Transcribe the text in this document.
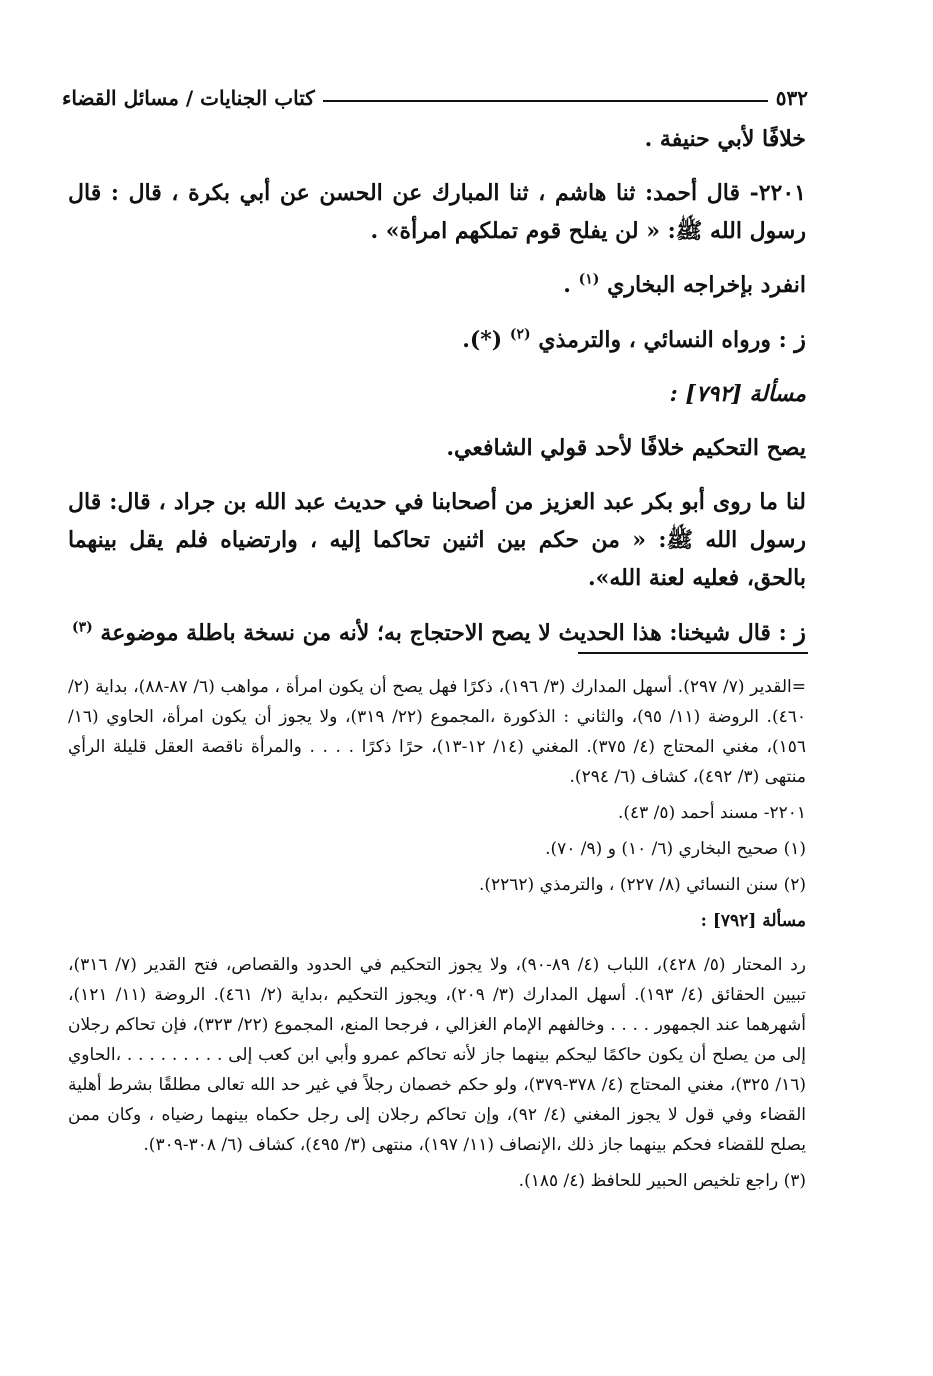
٥٣٢
كتاب الجنايات / مسائل القضاء

خلافًا لأبي حنيفة .

٢٢٠١- قال أحمد: ثنا هاشم ، ثنا المبارك عن الحسن عن أبي بكرة ، قال : قال رسول الله ﷺ: « لن يفلح قوم تملكهم امرأة» .

انفرد بإخراجه البخاري $^{(١)}$ .

ز : ورواه النسائي ، والترمذي $^{(٢)}$ (*).

مسألة [٧٩٢] :

يصح التحكيم خلافًا لأحد قولي الشافعي.

لنا ما روى أبو بكر عبد العزيز من أصحابنا في حديث عبد الله بن جراد ، قال: قال رسول الله ﷺ: « من حكم بين اثنين تحاكما إليه ، وارتضياه فلم يقل بينهما بالحق، فعليه لعنة الله».

ز : قال شيخنا: هذا الحديث لا يصح الاحتجاج به؛ لأنه من نسخة باطلة موضوعة $^{(٣)}$

=القدير (٧/ ٢٩٧). أسهل المدارك (٣/ ١٩٦)، ذكرًا فهل يصح أن يكون امرأة ، مواهب (٦/ ٨٧-٨٨)، بداية (٢/ ٤٦٠). الروضة (١١/ ٩٥)، والثاني : الذكورة ،المجموع (٢٢/ ٣١٩)، ولا يجوز أن يكون امرأة، الحاوي (١٦/ ١٥٦)، مغني المحتاج (٤/ ٣٧٥). المغني (١٤/ ١٢-١٣)، حرًا ذكرًا . . . . والمرأة ناقصة العقل قليلة الرأي منتهى (٣/ ٤٩٢)، كشاف (٦/ ٢٩٤).

٢٢٠١- مسند أحمد (٥/ ٤٣).

(١) صحيح البخاري (٦/ ١٠) و (٩/ ٧٠).

(٢) سنن النسائي (٨/ ٢٢٧) ، والترمذي (٢٢٦٢).

مسألة [٧٩٢] :

رد المحتار (٥/ ٤٢٨)، اللباب (٤/ ٨٩-٩٠)، ولا يجوز التحكيم في الحدود والقصاص، فتح القدير (٧/ ٣١٦)، تبيين الحقائق (٤/ ١٩٣). أسهل المدارك (٣/ ٢٠٩)، ويجوز التحكيم ،بداية (٢/ ٤٦١). الروضة (١١/ ١٢١)، أشهرهما عند الجمهور . . . . وخالفهم الإمام الغزالي ، فرجحا المنع، المجموع (٢٢/ ٣٢٣)، فإن تحاكم رجلان إلى من يصلح أن يكون حاكمًا ليحكم بينهما جاز لأنه تحاكم عمرو وأبي ابن كعب إلى . . . . . . . . . ،الحاوي (١٦/ ٣٢٥)، مغني المحتاج (٤/ ٣٧٨-٣٧٩)، ولو حكم خصمان رجلاً في غير حد الله تعالى مطلقًا بشرط أهلية القضاء وفي قول لا يجوز المغني (٤/ ٩٢)، وإن تحاكم رجلان إلى رجل حكماه بينهما رضياه ، وكان ممن يصلح للقضاء فحكم بينهما جاز ذلك ،الإنصاف (١١/ ١٩٧)، منتهى (٣/ ٤٩٥)، كشاف (٦/ ٣٠٨-٣٠٩).

(٣) راجع تلخيص الحبير للحافظ (٤/ ١٨٥).
